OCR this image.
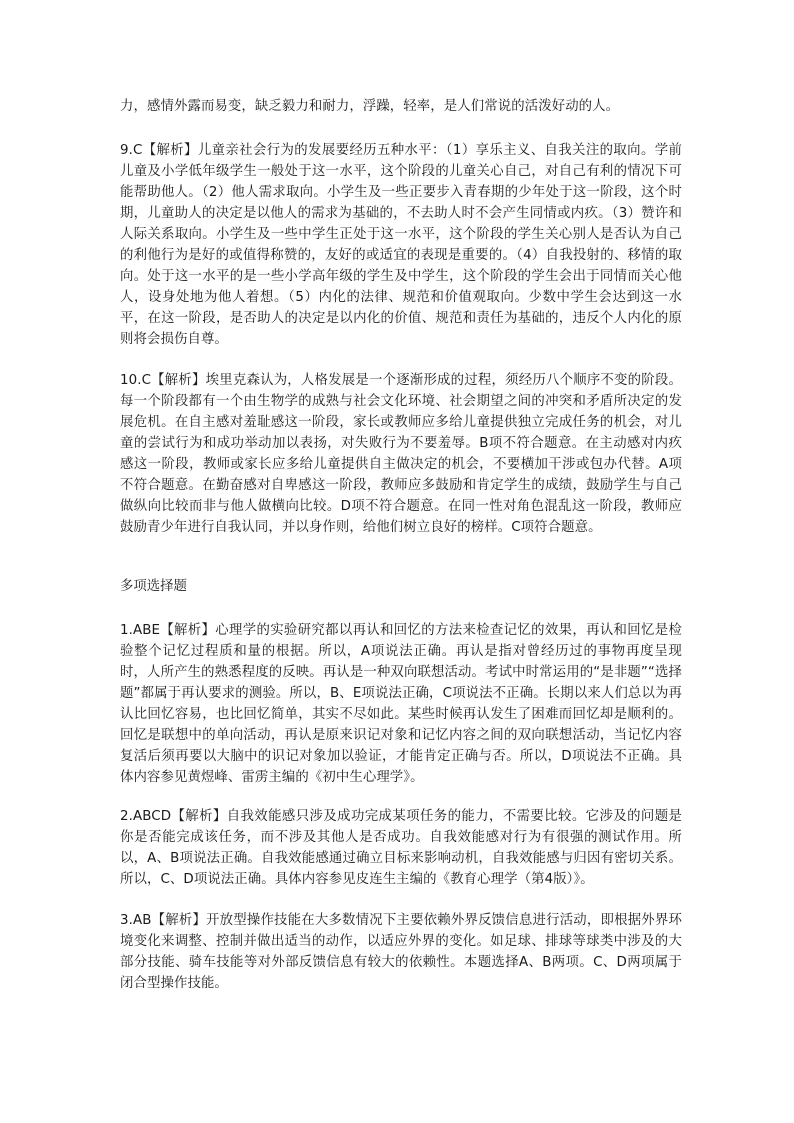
力，感情外露而易变，缺乏毅力和耐力，浮躁，轻率，是人们常说的活泼好动的人。

9.C【解析】儿童亲社会行为的发展要经历五种水平：（1）享乐主义、自我关注的取向。学前儿童及小学低年级学生一般处于这一水平，这个阶段的儿童关心自己，对自己有利的情况下可能帮助他人。（2）他人需求取向。小学生及一些正要步入青春期的少年处于这一阶段，这个时期，儿童助人的决定是以他人的需求为基础的，不去助人时不会产生同情或内疚。（3）赞许和人际关系取向。小学生及一些中学生正处于这一水平，这个阶段的学生关心别人是否认为自己的利他行为是好的或值得称赞的，友好的或适宜的表现是重要的。（4）自我投射的、移情的取向。处于这一水平的是一些小学高年级的学生及中学生，这个阶段的学生会出于同情而关心他人，设身处地为他人着想。（5）内化的法律、规范和价值观取向。少数中学生会达到这一水平，在这一阶段，是否助人的决定是以内化的价值、规范和责任为基础的，违反个人内化的原则将会损伤自尊。

10.C【解析】埃里克森认为，人格发展是一个逐渐形成的过程，须经历八个顺序不变的阶段。每一个阶段都有一个由生物学的成熟与社会文化环境、社会期望之间的冲突和矛盾所决定的发展危机。在自主感对羞耻感这一阶段，家长或教师应多给儿童提供独立完成任务的机会，对儿童的尝试行为和成功举动加以表扬，对失败行为不要羞辱。B项不符合题意。在主动感对内疚感这一阶段，教师或家长应多给儿童提供自主做决定的机会，不要横加干涉或包办代替。A项不符合题意。在勤奋感对自卑感这一阶段，教师应多鼓励和肯定学生的成绩，鼓励学生与自己做纵向比较而非与他人做横向比较。D项不符合题意。在同一性对角色混乱这一阶段，教师应鼓励青少年进行自我认同，并以身作则，给他们树立良好的榜样。C项符合题意。

多项选择题

1.ABE【解析】心理学的实验研究都以再认和回忆的方法来检查记忆的效果，再认和回忆是检验整个记忆过程质和量的根据。所以，A项说法正确。再认是指对曾经历过的事物再度呈现时，人所产生的熟悉程度的反映。再认是一种双向联想活动。考试中时常运用的“是非题”“选择题”都属于再认要求的测验。所以，B、E项说法正确，C项说法不正确。长期以来人们总以为再认比回忆容易，也比回忆简单，其实不尽如此。某些时候再认发生了困难而回忆却是顺利的。回忆是联想中的单向活动，再认是原来识记对象和记忆内容之间的双向联想活动，当记忆内容复活后须再要以大脑中的识记对象加以验证，才能肯定正确与否。所以，D项说法不正确。具体内容参见黄煜峰、雷雳主编的《初中生心理学》。

2.ABCD【解析】自我效能感只涉及成功完成某项任务的能力，不需要比较。它涉及的问题是你是否能完成该任务，而不涉及其他人是否成功。自我效能感对行为有很强的测试作用。所以，A、B项说法正确。自我效能感通过确立目标来影响动机，自我效能感与归因有密切关系。所以，C、D项说法正确。具体内容参见皮连生主编的《教育心理学（第4版）》。

3.AB【解析】开放型操作技能在大多数情况下主要依赖外界反馈信息进行活动，即根据外界环境变化来调整、控制并做出适当的动作，以适应外界的变化。如足球、排球等球类中涉及的大部分技能、骑车技能等对外部反馈信息有较大的依赖性。本题选择A、B两项。C、D两项属于闭合型操作技能。
